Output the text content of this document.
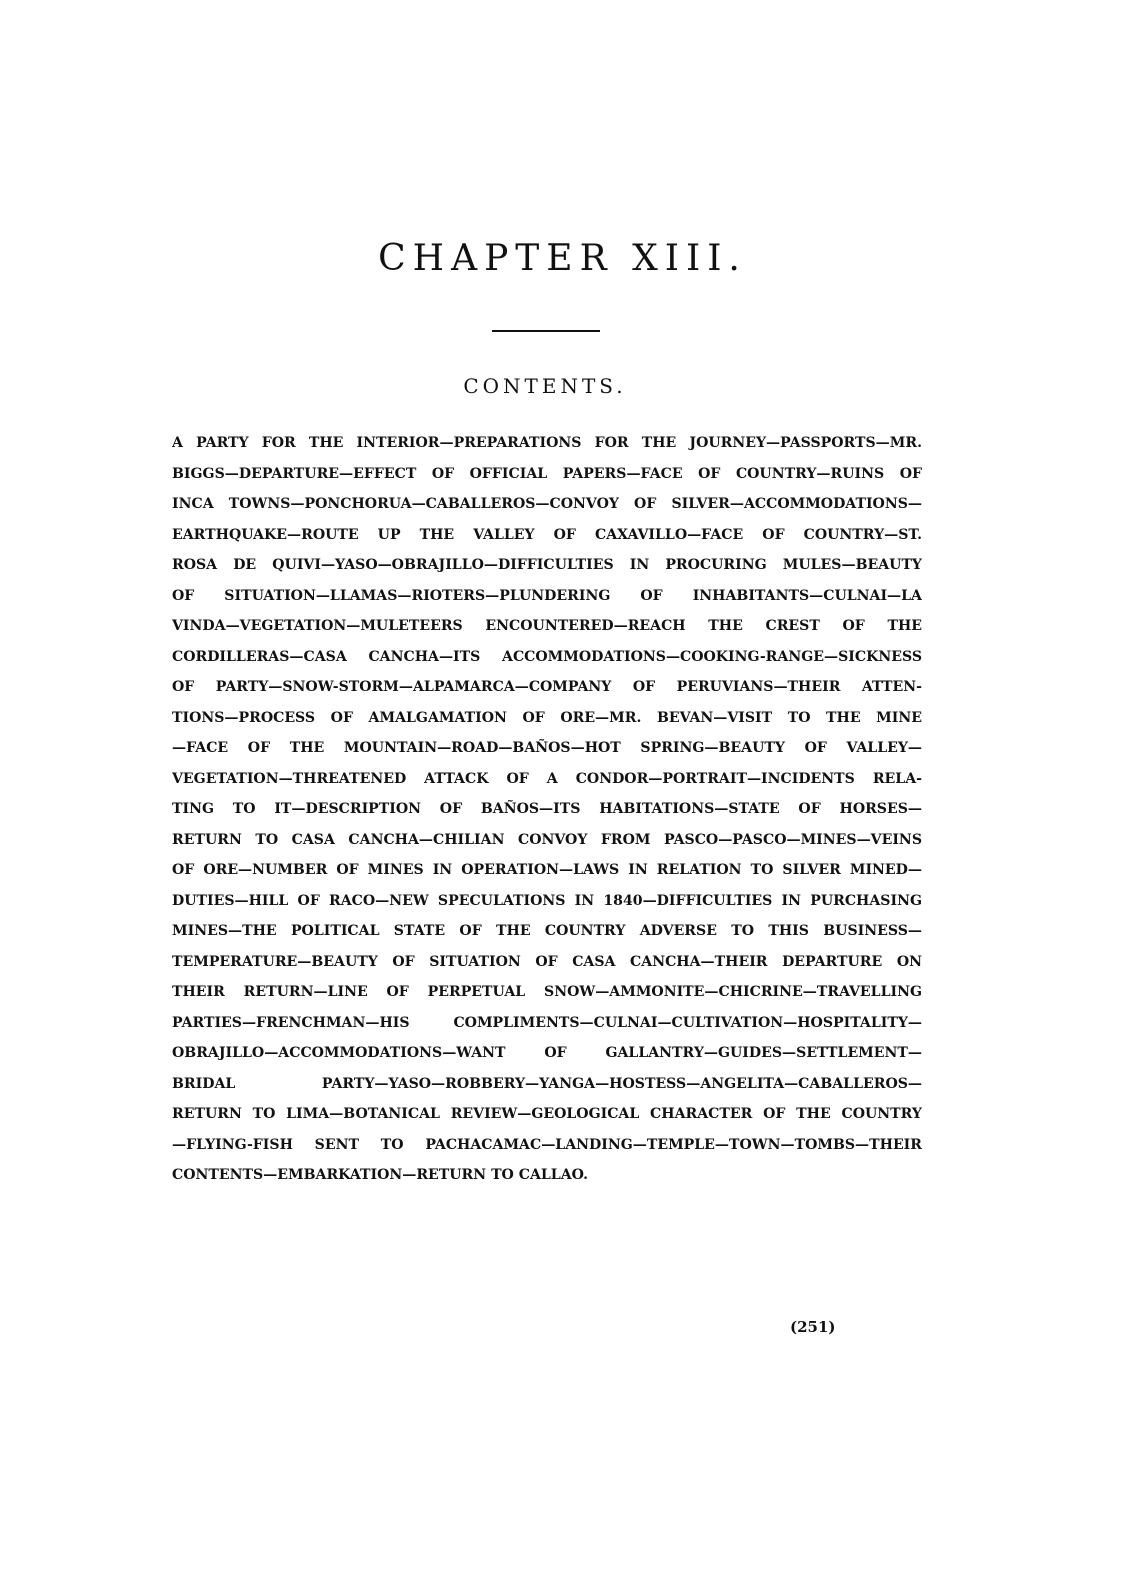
CHAPTER XIII.
CONTENTS.
A PARTY FOR THE INTERIOR—PREPARATIONS FOR THE JOURNEY—PASSPORTS—MR.
BIGGS—DEPARTURE—EFFECT OF OFFICIAL PAPERS—FACE OF COUNTRY—RUINS OF
INCA TOWNS—PONCHORUA—CABALLEROS—CONVOY OF SILVER—ACCOMMODATIONS—
EARTHQUAKE—ROUTE UP THE VALLEY OF CAXAVILLO—FACE OF COUNTRY—ST.
ROSA DE QUIVI—YASO—OBRAJILLO—DIFFICULTIES IN PROCURING MULES—BEAUTY
OF SITUATION—LLAMAS—RIOTERS—PLUNDERING OF INHABITANTS—CULNAI—LA
VINDA—VEGETATION—MULETEERS ENCOUNTERED—REACH THE CREST OF THE
CORDILLERAS—CASA CANCHA—ITS ACCOMMODATIONS—COOKING-RANGE—SICKNESS
OF PARTY—SNOW-STORM—ALPAMARCA—COMPANY OF PERUVIANS—THEIR ATTEN-
TIONS—PROCESS OF AMALGAMATION OF ORE—MR. BEVAN—VISIT TO THE MINE
—FACE OF THE MOUNTAIN—ROAD—BAÑOS—HOT SPRING—BEAUTY OF VALLEY—
VEGETATION—THREATENED ATTACK OF A CONDOR—PORTRAIT—INCIDENTS RELA-
TING TO IT—DESCRIPTION OF BAÑOS—ITS HABITATIONS—STATE OF HORSES—
RETURN TO CASA CANCHA—CHILIAN CONVOY FROM PASCO—PASCO—MINES—VEINS
OF ORE—NUMBER OF MINES IN OPERATION—LAWS IN RELATION TO SILVER MINED—
DUTIES—HILL OF RACO—NEW SPECULATIONS IN 1840—DIFFICULTIES IN PURCHASING
MINES—THE POLITICAL STATE OF THE COUNTRY ADVERSE TO THIS BUSINESS—
TEMPERATURE—BEAUTY OF SITUATION OF CASA CANCHA—THEIR DEPARTURE ON
THEIR RETURN—LINE OF PERPETUAL SNOW—AMMONITE—CHICRINE—TRAVELLING
PARTIES—FRENCHMAN—HIS COMPLIMENTS—CULNAI—CULTIVATION—HOSPITALITY—
OBRAJILLO—ACCOMMODATIONS—WANT OF GALLANTRY—GUIDES—SETTLEMENT—
BRIDAL PARTY—YASO—ROBBERY—YANGA—HOSTESS—ANGELITA—CABALLEROS—
RETURN TO LIMA—BOTANICAL REVIEW—GEOLOGICAL CHARACTER OF THE COUNTRY
—FLYING-FISH SENT TO PACHACAMAC—LANDING—TEMPLE—TOWN—TOMBS—THEIR
CONTENTS—EMBARKATION—RETURN TO CALLAO.

(251)
